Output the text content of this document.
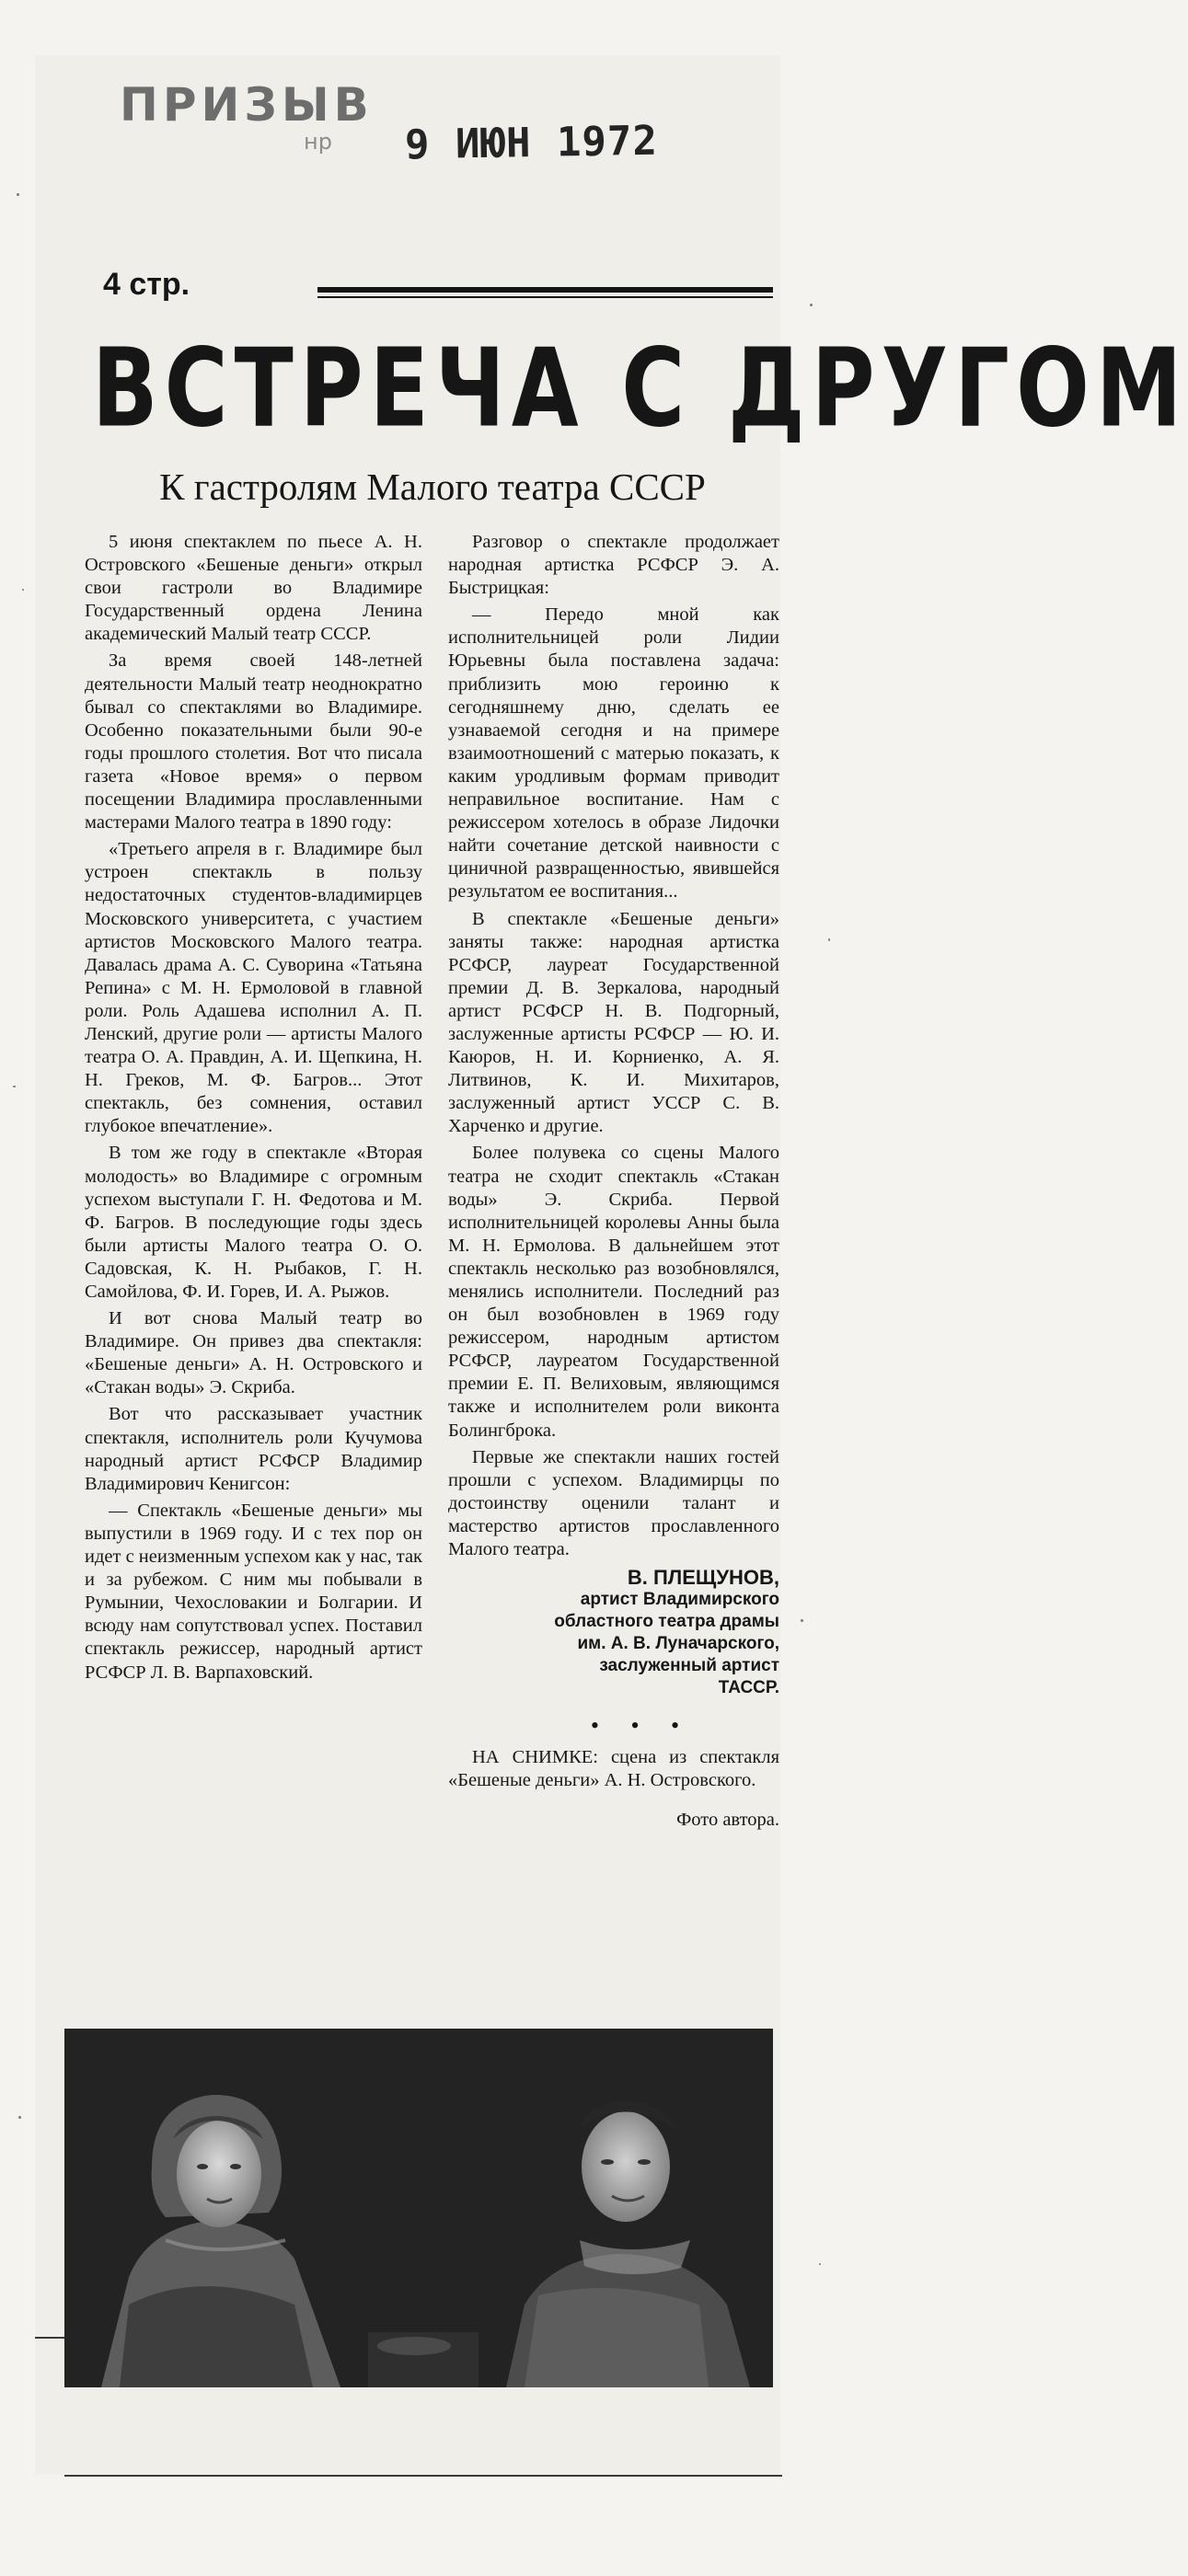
ПРИЗЫВ
нр 9 ИЮН 1972
4 стр.
ВСТРЕЧА С ДРУГОМ
К гастролям Малого театра СССР

5 июня спектаклем по пьесе А. Н. Островского «Бешеные деньги» открыл свои гастроли во Владимире Государственный ордена Ленина академический Малый театр СССР.

За время своей 148-летней деятельности Малый театр неоднократно бывал со спектаклями во Владимире. Особенно показательными были 90-е годы прошлого столетия. Вот что писала газета «Новое время» о первом посещении Владимира прославленными мастерами Малого театра в 1890 году:

«Третьего апреля в г. Владимире был устроен спектакль в пользу недостаточных студентов-владимирцев Московского университета, с участием артистов Московского Малого театра. Давалась драма А. С. Суворина «Татьяна Репина» с М. Н. Ермоловой в главной роли. Роль Адашева исполнил А. П. Ленский, другие роли — артисты Малого театра О. А. Правдин, А. И. Щепкина, Н. Н. Греков, М. Ф. Багров... Этот спектакль, без сомнения, оставил глубокое впечатление».

В том же году в спектакле «Вторая молодость» во Владимире с огромным успехом выступали Г. Н. Федотова и М. Ф. Багров. В последующие годы здесь были артисты Малого театра О. О. Садовская, К. Н. Рыбаков, Г. Н. Самойлова, Ф. И. Горев, И. А. Рыжов.

И вот снова Малый театр во Владимире. Он привез два спектакля: «Бешеные деньги» А. Н. Островского и «Стакан воды» Э. Скриба.

Вот что рассказывает участник спектакля, исполнитель роли Кучумова народный артист РСФСР Владимир Владимирович Кенигсон:

— Спектакль «Бешеные деньги» мы выпустили в 1969 году. И с тех пор он идет с неизменным успехом как у нас, так и за рубежом. С ним мы побывали в Румынии, Чехословакии и Болгарии. И всюду нам сопутствовал успех. Поставил спектакль режиссер, народный артист РСФСР Л. В. Варпаховский.

Разговор о спектакле продолжает народная артистка РСФСР Э. А. Быстрицкая:

— Передо мной как исполнительницей роли Лидии Юрьевны была поставлена задача: приблизить мою героиню к сегодняшнему дню, сделать ее узнаваемой сегодня и на примере взаимоотношений с матерью показать, к каким уродливым формам приводит неправильное воспитание. Нам с режиссером хотелось в образе Лидочки найти сочетание детской наивности с циничной развращенностью, явившейся результатом ее воспитания...

В спектакле «Бешеные деньги» заняты также: народная артистка РСФСР, лауреат Государственной премии Д. В. Зеркалова, народный артист РСФСР Н. В. Подгорный, заслуженные артисты РСФСР — Ю. И. Каюров, Н. И. Корниенко, А. Я. Литвинов, К. И. Михитаров, заслуженный артист УССР С. В. Харченко и другие.

Более полувека со сцены Малого театра не сходит спектакль «Стакан воды» Э. Скриба. Первой исполнительницей королевы Анны была М. Н. Ермолова. В дальнейшем этот спектакль несколько раз возобновлялся, менялись исполнители. Последний раз он был возобновлен в 1969 году режиссером, народным артистом РСФСР, лауреатом Государственной премии Е. П. Велиховым, являющимся также и исполнителем роли виконта Болингброка.

Первые же спектакли наших гостей прошли с успехом. Владимирцы по достоинству оценили талант и мастерство артистов прославленного Малого театра.

В. ПЛЕЩУНОВ,
артист Владимирского
областного театра драмы
им. А. В. Луначарского,
заслуженный артист
ТАССР.
• • •

НА СНИМКЕ: сцена из спектакля «Бешеные деньги» А. Н. Островского.

Фото автора.
